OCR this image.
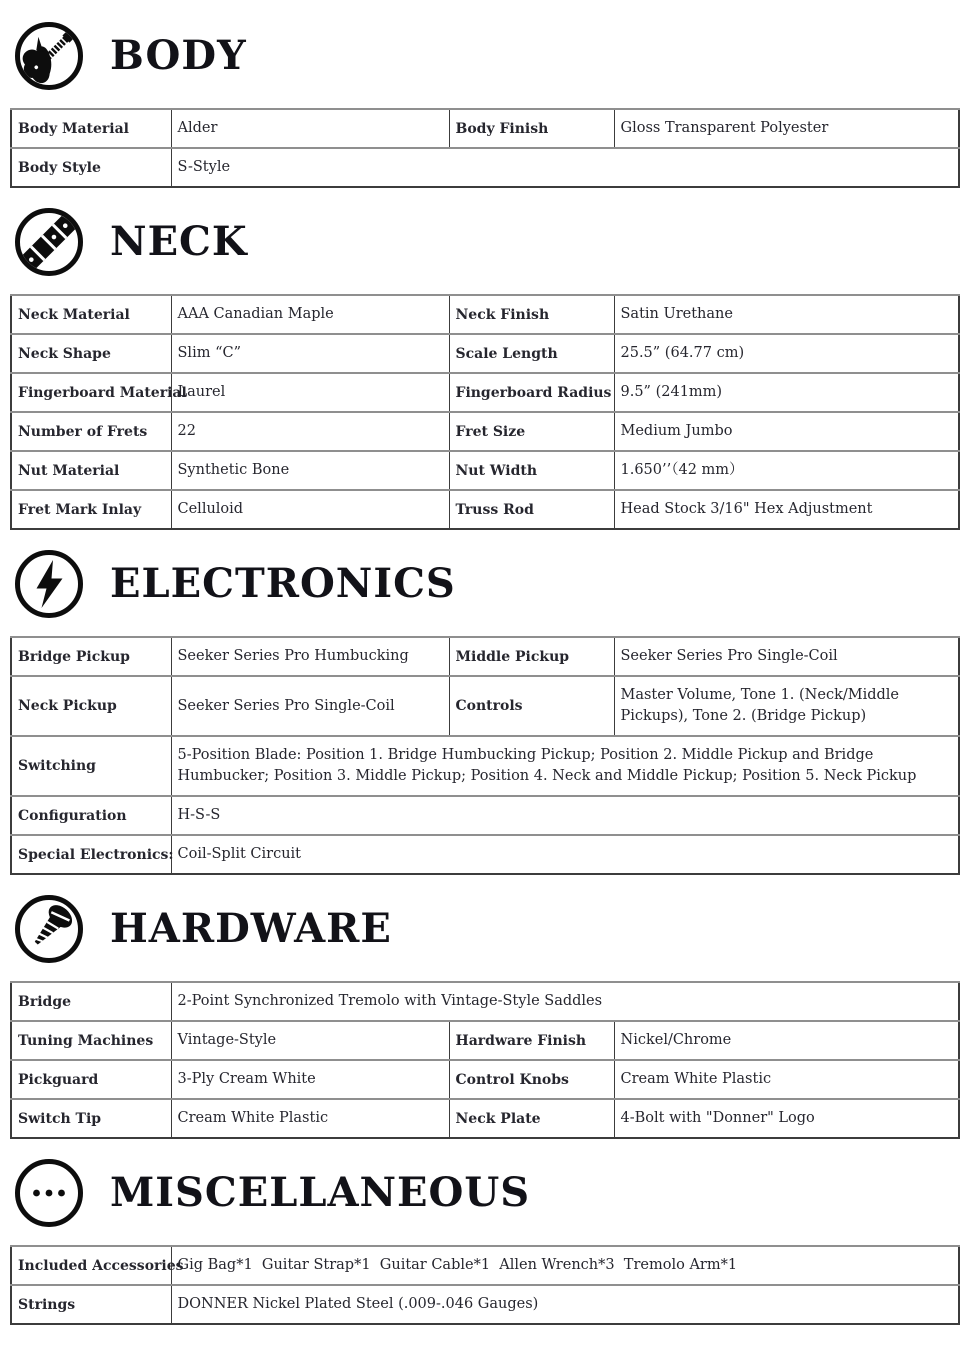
BODY
Body Material	Alder	Body Finish	Gloss Transparent Polyester
Body Style	S-Style		
NECK
Neck Material	AAA Canadian Maple	Neck Finish	Satin Urethane
Neck Shape	Slim “C”	Scale Length	25.5” (64.77 cm)
Fingerboard Material	Laurel	Fingerboard Radius	9.5” (241mm)
Number of Frets	22	Fret Size	Medium Jumbo
Nut Material	Synthetic Bone	Nut Width	1.650’’（42 mm）
Fret Mark Inlay	Celluloid	Truss Rod	Head Stock 3/16" Hex Adjustment
ELECTRONICS
Bridge Pickup	Seeker Series Pro Humbucking	Middle Pickup	Seeker Series Pro Single-Coil
Neck Pickup	Seeker Series Pro Single-Coil	Controls	Master Volume, Tone 1. (Neck/Middle Pickups), Tone 2. (Bridge Pickup)
Switching	5-Position Blade: Position 1. Bridge Humbucking Pickup; Position 2. Middle Pickup and Bridge Humbucker; Position 3. Middle Pickup; Position 4. Neck and Middle Pickup; Position 5. Neck Pickup		
Configuration	H-S-S		
Special Electronics:	Coil-Split Circuit		
HARDWARE
Bridge	2-Point Synchronized Tremolo with Vintage-Style Saddles		
Tuning Machines	Vintage-Style	Hardware Finish	Nickel/Chrome
Pickguard	3-Ply Cream White	Control Knobs	Cream White Plastic
Switch Tip	Cream White Plastic	Neck Plate	4-Bolt with "Donner" Logo
MISCELLANEOUS
Included Accessories	Gig Bag*1  Guitar Strap*1  Guitar Cable*1  Allen Wrench*3  Tremolo Arm*1
Strings	DONNER Nickel Plated Steel (.009-.046 Gauges)
